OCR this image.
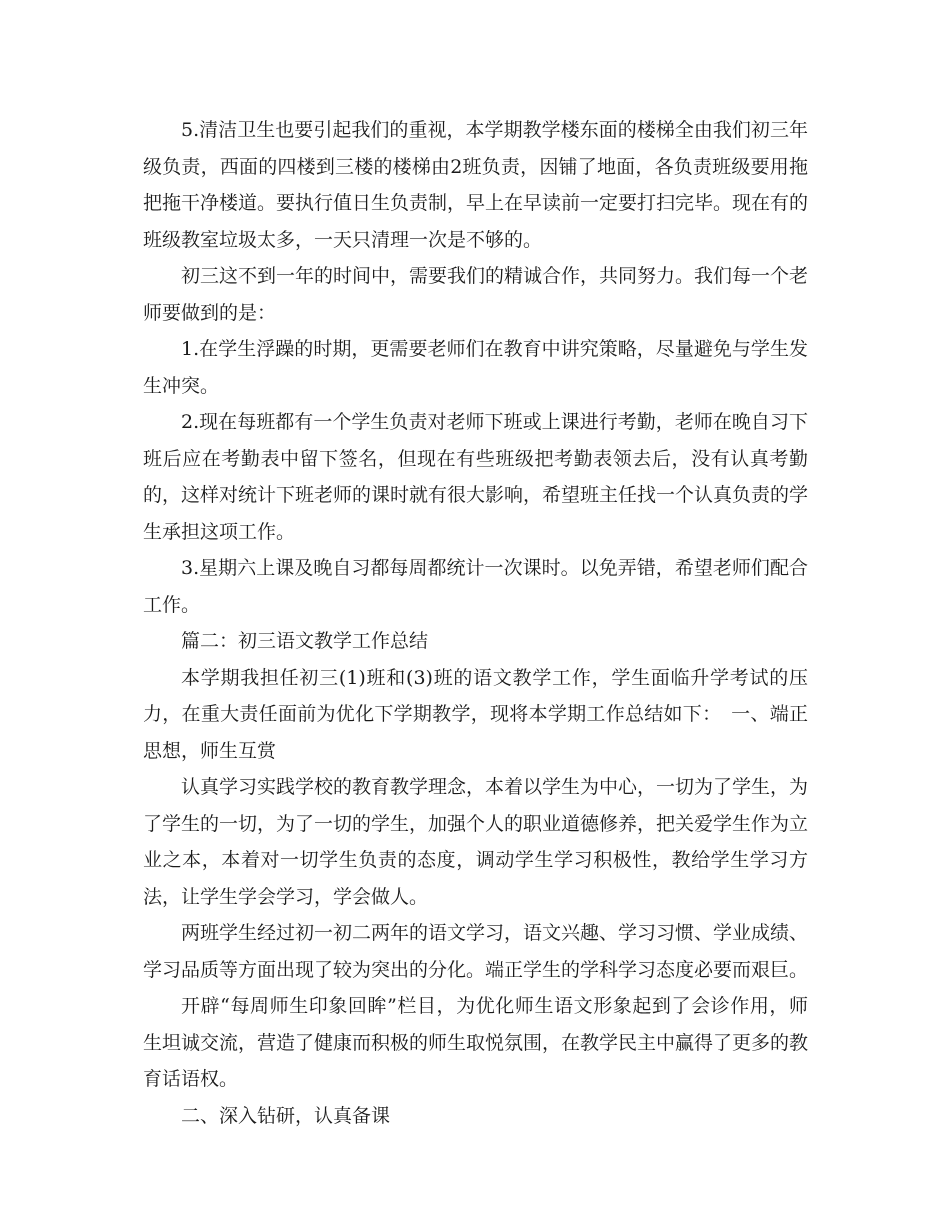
5.清洁卫生也要引起我们的重视，本学期教学楼东面的楼梯全由我们初三年级负责，西面的四楼到三楼的楼梯由2班负责，因铺了地面，各负责班级要用拖把拖干净楼道。要执行值日生负责制，早上在早读前一定要打扫完毕。现在有的班级教室垃圾太多，一天只清理一次是不够的。

初三这不到一年的时间中，需要我们的精诚合作，共同努力。我们每一个老师要做到的是：

1.在学生浮躁的时期，更需要老师们在教育中讲究策略，尽量避免与学生发生冲突。

2.现在每班都有一个学生负责对老师下班或上课进行考勤，老师在晚自习下班后应在考勤表中留下签名，但现在有些班级把考勤表领去后，没有认真考勤的，这样对统计下班老师的课时就有很大影响，希望班主任找一个认真负责的学生承担这项工作。

3.星期六上课及晚自习都每周都统计一次课时。以免弄错，希望老师们配合工作。

篇二：初三语文教学工作总结

本学期我担任初三(1)班和(3)班的语文教学工作，学生面临升学考试的压力，在重大责任面前为优化下学期教学，现将本学期工作总结如下：　一、端正思想，师生互赏

认真学习实践学校的教育教学理念，本着以学生为中心，一切为了学生，为了学生的一切，为了一切的学生，加强个人的职业道德修养，把关爱学生作为立业之本，本着对一切学生负责的态度，调动学生学习积极性，教给学生学习方法，让学生学会学习，学会做人。

两班学生经过初一初二两年的语文学习，语文兴趣、学习习惯、学业成绩、学习品质等方面出现了较为突出的分化。端正学生的学科学习态度必要而艰巨。

开辟“每周师生印象回眸”栏目，为优化师生语文形象起到了会诊作用，师生坦诚交流，营造了健康而积极的师生取悦氛围，在教学民主中赢得了更多的教育话语权。

二、深入钻研，认真备课
